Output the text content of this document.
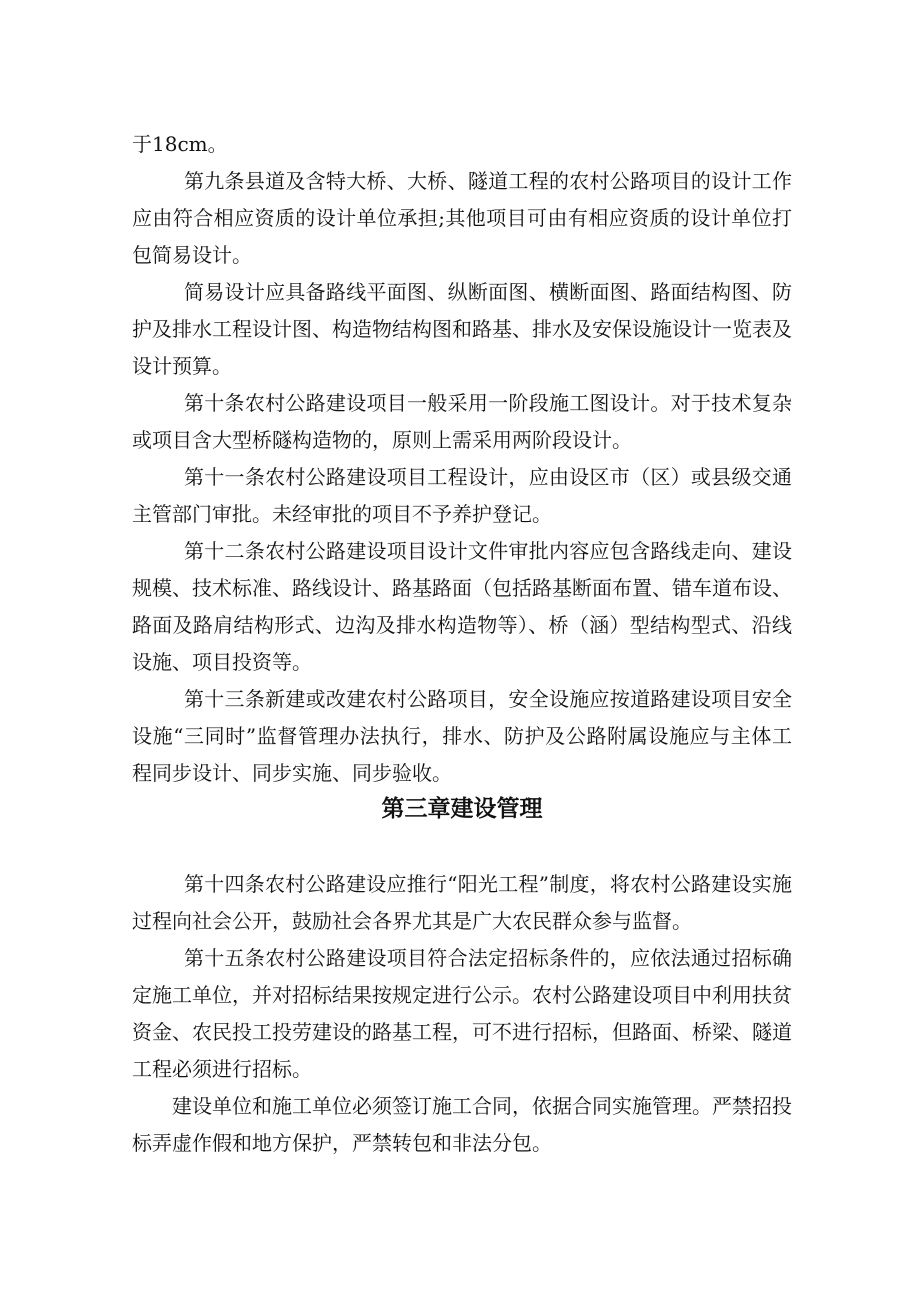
于18cm。

第九条县道及含特大桥、大桥、隧道工程的农村公路项目的设计工作应由符合相应资质的设计单位承担;其他项目可由有相应资质的设计单位打包简易设计。

简易设计应具备路线平面图、纵断面图、横断面图、路面结构图、防护及排水工程设计图、构造物结构图和路基、排水及安保设施设计一览表及设计预算。

第十条农村公路建设项目一般采用一阶段施工图设计。对于技术复杂或项目含大型桥隧构造物的，原则上需采用两阶段设计。

第十一条农村公路建设项目工程设计，应由设区市（区）或县级交通主管部门审批。未经审批的项目不予养护登记。

第十二条农村公路建设项目设计文件审批内容应包含路线走向、建设规模、技术标准、路线设计、路基路面（包括路基断面布置、错车道布设、路面及路肩结构形式、边沟及排水构造物等）、桥（涵）型结构型式、沿线设施、项目投资等。

第十三条新建或改建农村公路项目，安全设施应按道路建设项目安全设施“三同时”监督管理办法执行，排水、防护及公路附属设施应与主体工程同步设计、同步实施、同步验收。

第三章建设管理

第十四条农村公路建设应推行“阳光工程”制度，将农村公路建设实施过程向社会公开，鼓励社会各界尤其是广大农民群众参与监督。

第十五条农村公路建设项目符合法定招标条件的，应依法通过招标确定施工单位，并对招标结果按规定进行公示。农村公路建设项目中利用扶贫资金、农民投工投劳建设的路基工程，可不进行招标，但路面、桥梁、隧道工程必须进行招标。

建设单位和施工单位必须签订施工合同，依据合同实施管理。严禁招投标弄虚作假和地方保护，严禁转包和非法分包。
